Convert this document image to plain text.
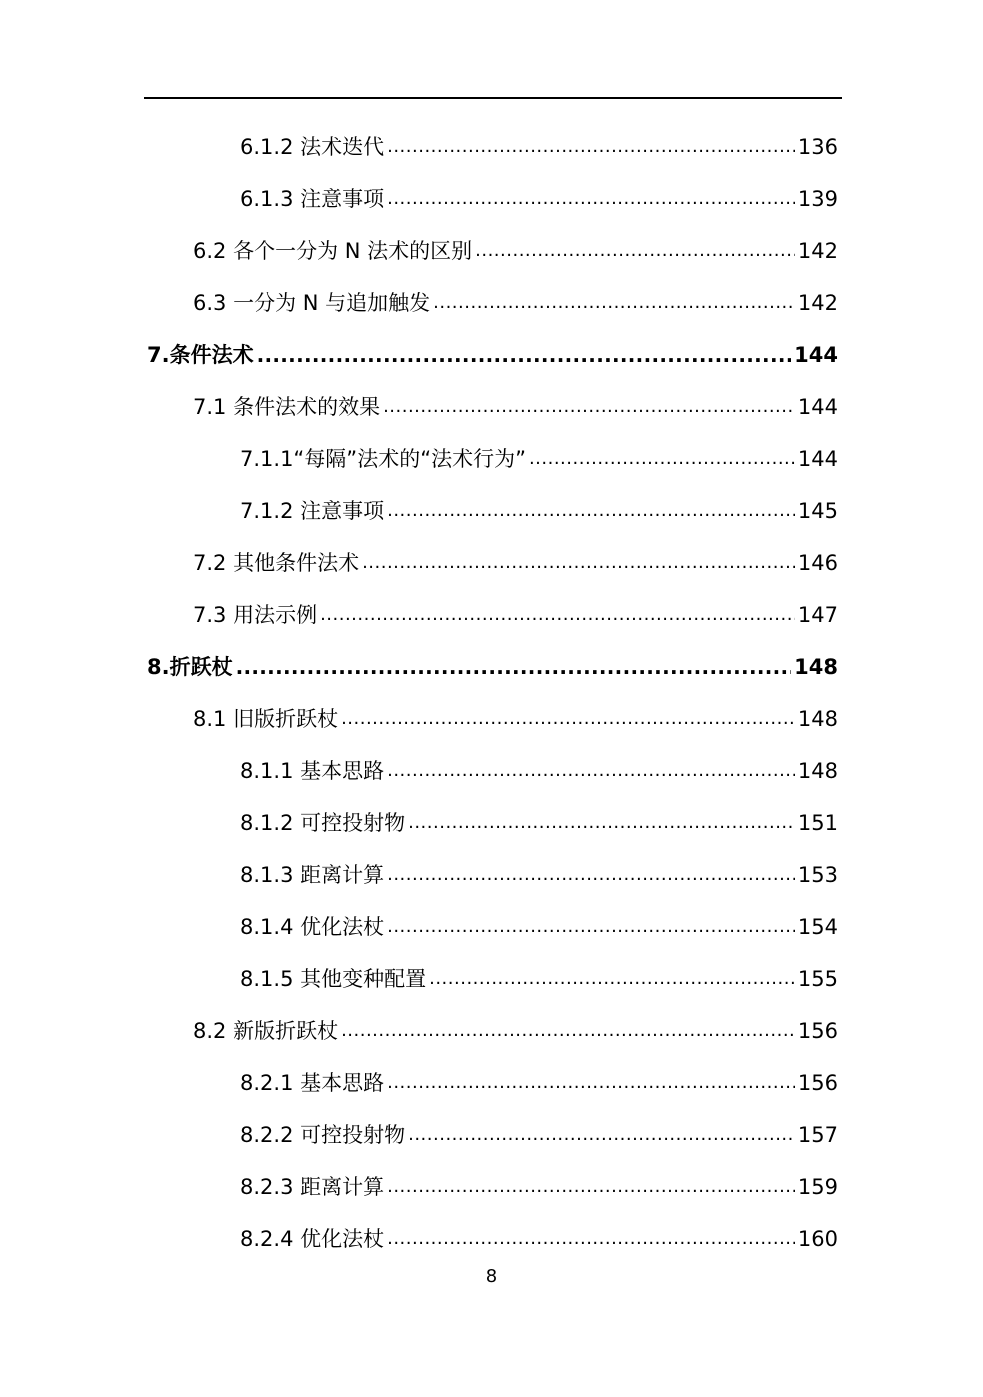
6.1.2 法术迭代 .....	136
6.1.3 注意事项 .....	139
6.2 各个一分为 N 法术的区别 .....	142
6.3 一分为 N 与追加触发 .....	142
7.条件法术 .....	144
7.1 条件法术的效果 .....	144
7.1.1“每隔”法术的“法术行为” .....	144
7.1.2 注意事项 .....	145
7.2 其他条件法术 .....	146
7.3 用法示例 .....	147
8.折跃杖 .....	148
8.1 旧版折跃杖 .....	148
8.1.1 基本思路 .....	148
8.1.2 可控投射物 .....	151
8.1.3 距离计算 .....	153
8.1.4 优化法杖 .....	154
8.1.5 其他变种配置 .....	155
8.2 新版折跃杖 .....	156
8.2.1 基本思路 .....	156
8.2.2 可控投射物 .....	157
8.2.3 距离计算 .....	159
8.2.4 优化法杖 .....	160
8
